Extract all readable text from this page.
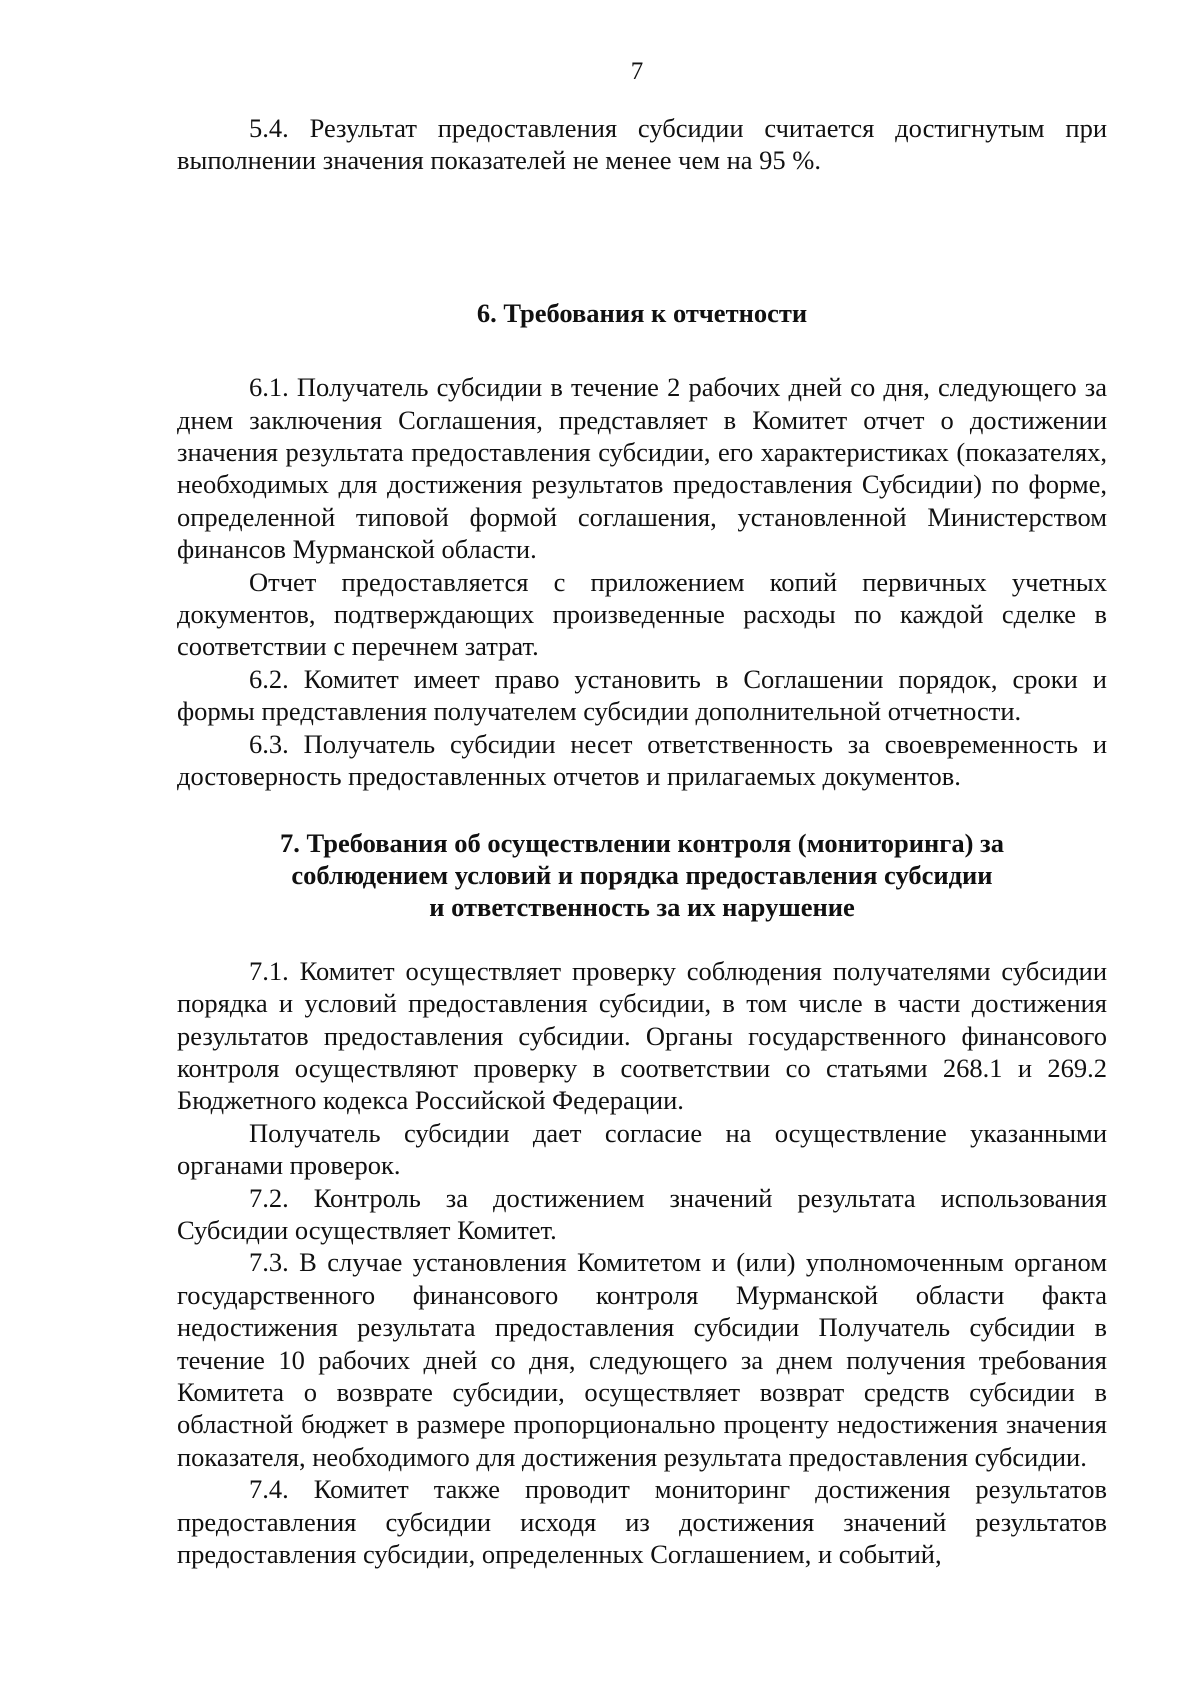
7

5.4. Результат предоставления субсидии считается достигнутым при выполнении значения показателей не менее чем на 95 %.

6. Требования к отчетности

6.1. Получатель субсидии в течение 2 рабочих дней со дня, следующего за днем заключения Соглашения, представляет в Комитет отчет о достижении значения результата предоставления субсидии, его характеристиках (показателях, необходимых для достижения результатов предоставления Субсидии) по форме, определенной типовой формой соглашения, установленной Министерством финансов Мурманской области.

Отчет предоставляется с приложением копий первичных учетных документов, подтверждающих произведенные расходы по каждой сделке в соответствии с перечнем затрат.

6.2. Комитет имеет право установить в Соглашении порядок, сроки и формы представления получателем субсидии дополнительной отчетности.

6.3. Получатель субсидии несет ответственность за своевременность и достоверность предоставленных отчетов и прилагаемых документов.

7. Требования об осуществлении контроля (мониторинга) за
соблюдением условий и порядка предоставления субсидии
и ответственность за их нарушение

7.1. Комитет осуществляет проверку соблюдения получателями субсидии порядка и условий предоставления субсидии, в том числе в части достижения результатов предоставления субсидии. Органы государственного финансового контроля осуществляют проверку в соответствии со статьями 268.1 и 269.2 Бюджетного кодекса Российской Федерации.

Получатель субсидии дает согласие на осуществление указанными органами проверок.

7.2. Контроль за достижением значений результата использования Субсидии осуществляет Комитет.

7.3. В случае установления Комитетом и (или) уполномоченным органом государственного финансового контроля Мурманской области факта недостижения результата предоставления субсидии Получатель субсидии в течение 10 рабочих дней со дня, следующего за днем получения требования Комитета о возврате субсидии, осуществляет возврат средств субсидии в областной бюджет в размере пропорционально проценту недостижения значения показателя, необходимого для достижения результата предоставления субсидии.

7.4. Комитет также проводит мониторинг достижения результатов предоставления субсидии исходя из достижения значений результатов предоставления субсидии, определенных Соглашением, и событий,
